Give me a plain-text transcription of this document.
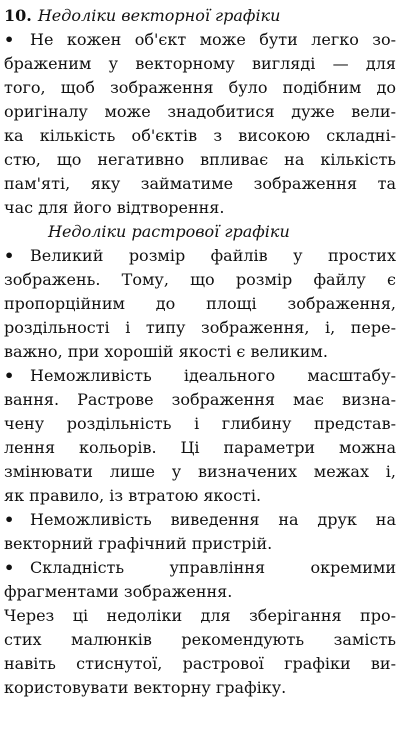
10. Недоліки векторної графіки
• Не кожен об'єкт може бути легко зо-
браженим у векторному вигляді — для
того, щоб зображення було подібним до
оригіналу може знадобитися дуже вели-
ка кількість об'єктів з високою складні-
стю, що негативно впливає на кількість
пам'яті, яку займатиме зображення та
час для його відтворення.
Недоліки растрової графіки
• Великий розмір файлів у простих
зображень. Тому, що розмір файлу є
пропорційним до площі зображення,
роздільності і типу зображення, і, пере-
важно, при хорошій якості є великим.
• Неможливість ідеального масштабу-
вання. Растрове зображення має визна-
чену роздільність і глибину представ-
лення кольорів. Ці параметри можна
змінювати лише у визначених межах і,
як правило, із втратою якості.
• Неможливість виведення на друк на
векторний графічний пристрій.
• Складність управління окремими
фрагментами зображення.
Через ці недоліки для зберігання про-
стих малюнків рекомендують замість
навіть стиснутої, растрової графіки ви-
користовувати векторну графіку.
